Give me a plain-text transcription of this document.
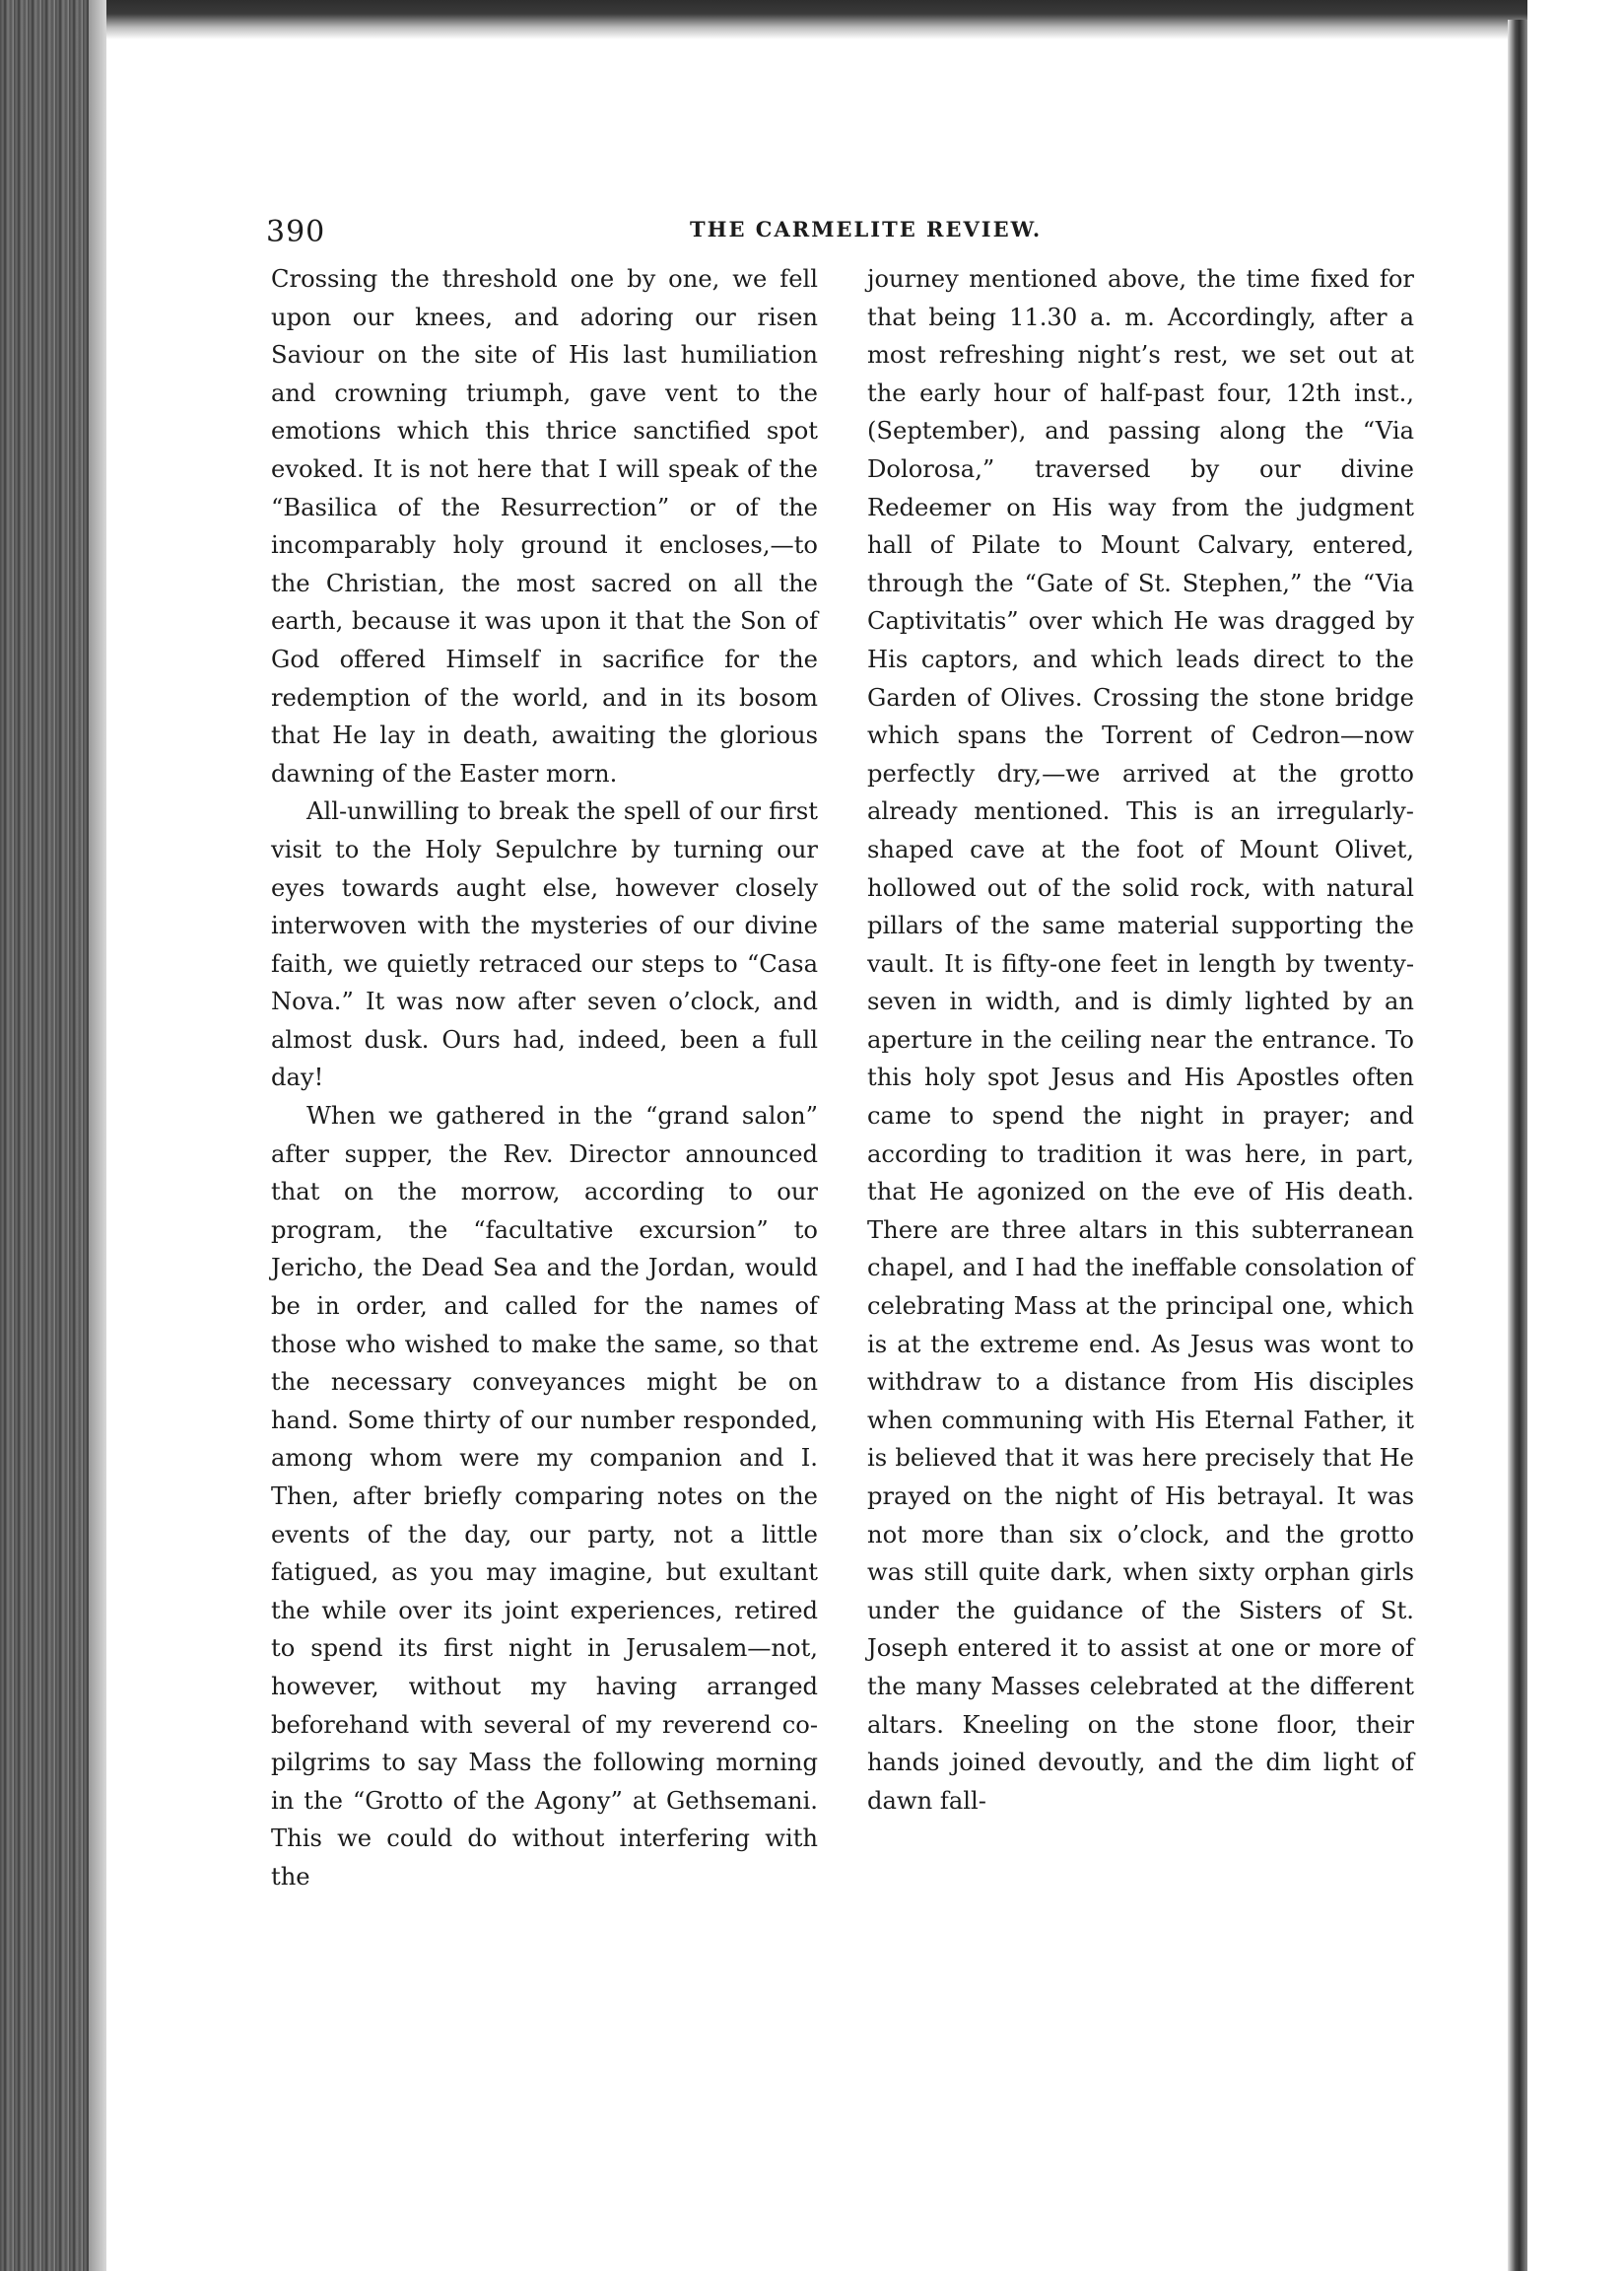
390	THE CARMELITE REVIEW.

Crossing the threshold one by one, we fell upon our knees, and adoring our risen Saviour on the site of His last humiliation and crowning triumph, gave vent to the emotions which this thrice sanctified spot evoked. It is not here that I will speak of the “Basilica of the Resurrection” or of the incomparably holy ground it encloses,—to the Christian, the most sacred on all the earth, because it was upon it that the Son of God offered Himself in sacrifice for the redemption of the world, and in its bosom that He lay in death, awaiting the glorious dawning of the Easter morn.

All-unwilling to break the spell of our first visit to the Holy Sepulchre by turning our eyes towards aught else, however closely interwoven with the mysteries of our divine faith, we quietly retraced our steps to “Casa Nova.” It was now after seven o’clock, and almost dusk. Ours had, indeed, been a full day!

When we gathered in the “grand salon” after supper, the Rev. Director announced that on the morrow, according to our program, the “facultative excursion” to Jericho, the Dead Sea and the Jordan, would be in order, and called for the names of those who wished to make the same, so that the necessary conveyances might be on hand. Some thirty of our number responded, among whom were my companion and I. Then, after briefly comparing notes on the events of the day, our party, not a little fatigued, as you may imagine, but exultant the while over its joint experiences, retired to spend its first night in Jerusalem—not, however, without my having arranged beforehand with several of my reverend co-pilgrims to say Mass the following morning in the “Grotto of the Agony” at Gethsemani. This we could do without interfering with the

journey mentioned above, the time fixed for that being 11.30 a. m. Accordingly, after a most refreshing night’s rest, we set out at the early hour of half-past four, 12th inst., (September), and passing along the “Via Dolorosa,” traversed by our divine Redeemer on His way from the judgment hall of Pilate to Mount Calvary, entered, through the “Gate of St. Stephen,” the “Via Captivitatis” over which He was dragged by His captors, and which leads direct to the Garden of Olives. Crossing the stone bridge which spans the Torrent of Cedron—now perfectly dry,—we arrived at the grotto already mentioned. This is an irregularly-shaped cave at the foot of Mount Olivet, hollowed out of the solid rock, with natural pillars of the same material supporting the vault. It is fifty-one feet in length by twenty-seven in width, and is dimly lighted by an aperture in the ceiling near the entrance. To this holy spot Jesus and His Apostles often came to spend the night in prayer; and according to tradition it was here, in part, that He agonized on the eve of His death. There are three altars in this subterranean chapel, and I had the ineffable consolation of celebrating Mass at the principal one, which is at the extreme end. As Jesus was wont to withdraw to a distance from His disciples when communing with His Eternal Father, it is believed that it was here precisely that He prayed on the night of His betrayal. It was not more than six o’clock, and the grotto was still quite dark, when sixty orphan girls under the guidance of the Sisters of St. Joseph entered it to assist at one or more of the many Masses celebrated at the different altars. Kneeling on the stone floor, their hands joined devoutly, and the dim light of dawn fall-
